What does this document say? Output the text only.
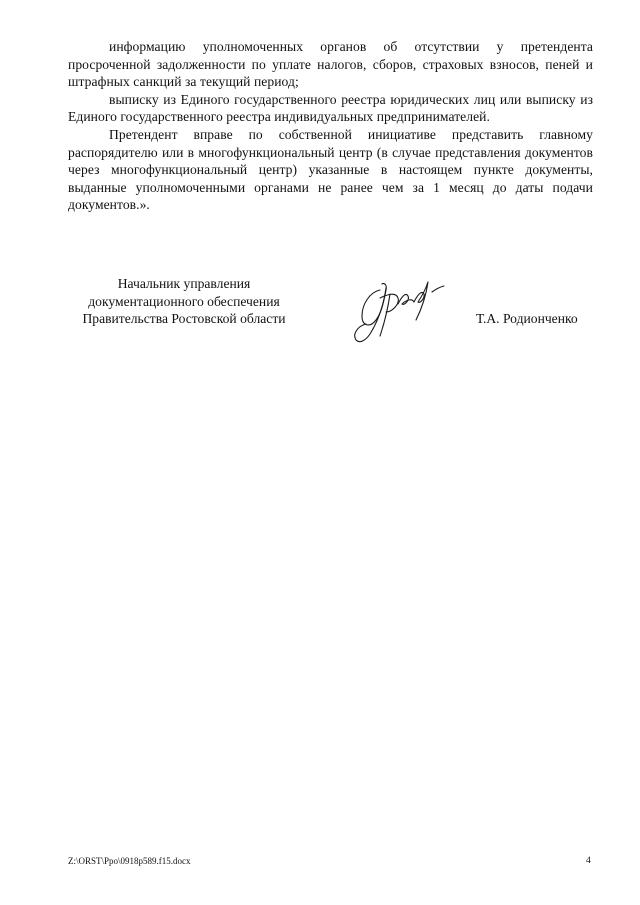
информацию уполномоченных органов об отсутствии у претендента просроченной задолженности по уплате налогов, сборов, страховых взносов, пеней и штрафных санкций за текущий период;

выписку из Единого государственного реестра юридических лиц или выписку из Единого государственного реестра индивидуальных предпринимателей.

Претендент вправе по собственной инициативе представить главному распорядителю или в многофункциональный центр (в случае представления документов через многофункциональный центр) указанные в настоящем пункте документы, выданные уполномоченными органами не ранее чем за 1 месяц до даты подачи документов.».

Начальник управления
документационного обеспечения
Правительства Ростовской области	Т.А. Родионченко
Z:\ORST\Ppo\0918p589.f15.docx	4
